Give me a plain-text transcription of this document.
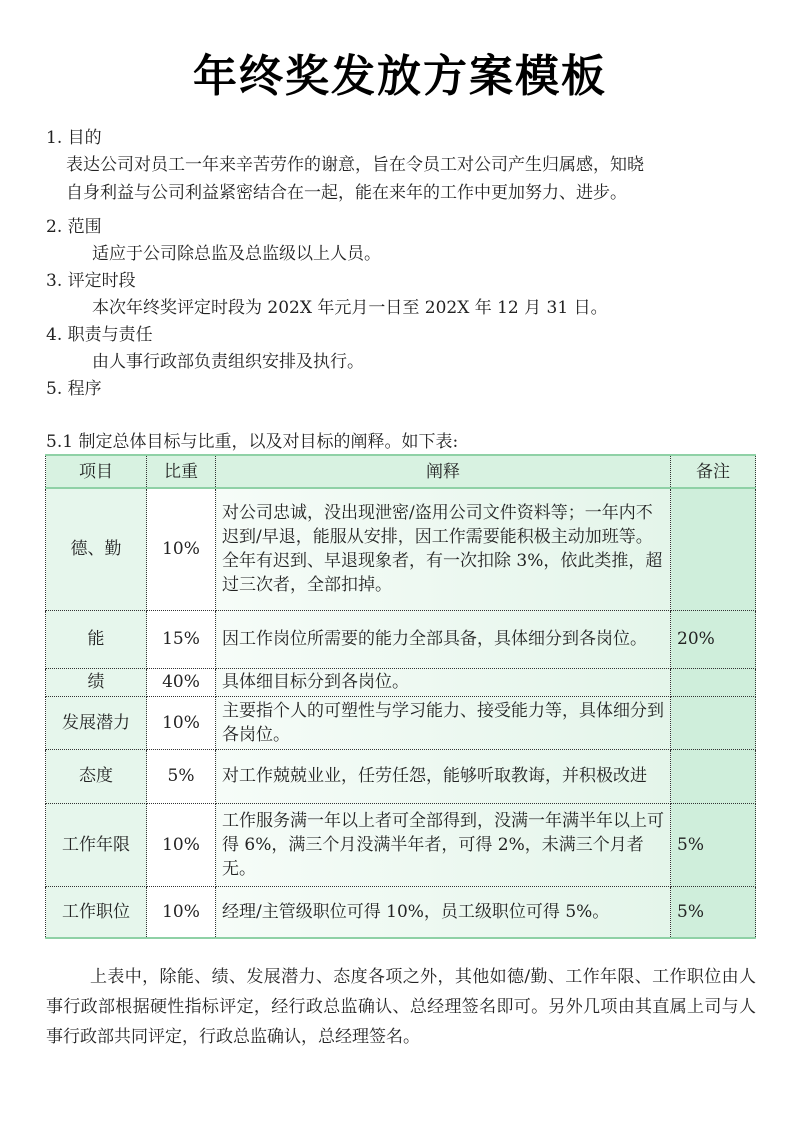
年终奖发放方案模板
1. 目的
表达公司对员工一年来辛苦劳作的谢意，旨在令员工对公司产生归属感，知晓
自身利益与公司利益紧密结合在一起，能在来年的工作中更加努力、进步。
2. 范围
适应于公司除总监及总监级以上人员。
3. 评定时段
本次年终奖评定时段为 202X 年元月一日至 202X 年 12 月 31 日。
4. 职责与责任
由人事行政部负责组织安排及执行。
5. 程序
5.1 制定总体目标与比重，以及对目标的阐释。如下表:
项目	比重	阐释	备注
德、勤	10%	对公司忠诚，没出现泄密/盗用公司文件资料等；一年内不迟到/早退，能服从安排，因工作需要能积极主动加班等。全年有迟到、早退现象者，有一次扣除 3%，依此类推，超过三次者，全部扣掉。	
能	15%	因工作岗位所需要的能力全部具备，具体细分到各岗位。	20%
绩	40%	具体细目标分到各岗位。	
发展潜力	10%	主要指个人的可塑性与学习能力、接受能力等，具体细分到各岗位。	
态度	5%	对工作兢兢业业，任劳任怨，能够听取教诲，并积极改进	
工作年限	10%	工作服务满一年以上者可全部得到，没满一年满半年以上可得 6%，满三个月没满半年者，可得 2%，未满三个月者无。	5%
工作职位	10%	经理/主管级职位可得 10%，员工级职位可得 5%。	5%
上表中，除能、绩、发展潜力、态度各项之外，其他如德/勤、工作年限、工作职位由人事行政部根据硬性指标评定，经行政总监确认、总经理签名即可。另外几项由其直属上司与人事行政部共同评定，行政总监确认，总经理签名。
